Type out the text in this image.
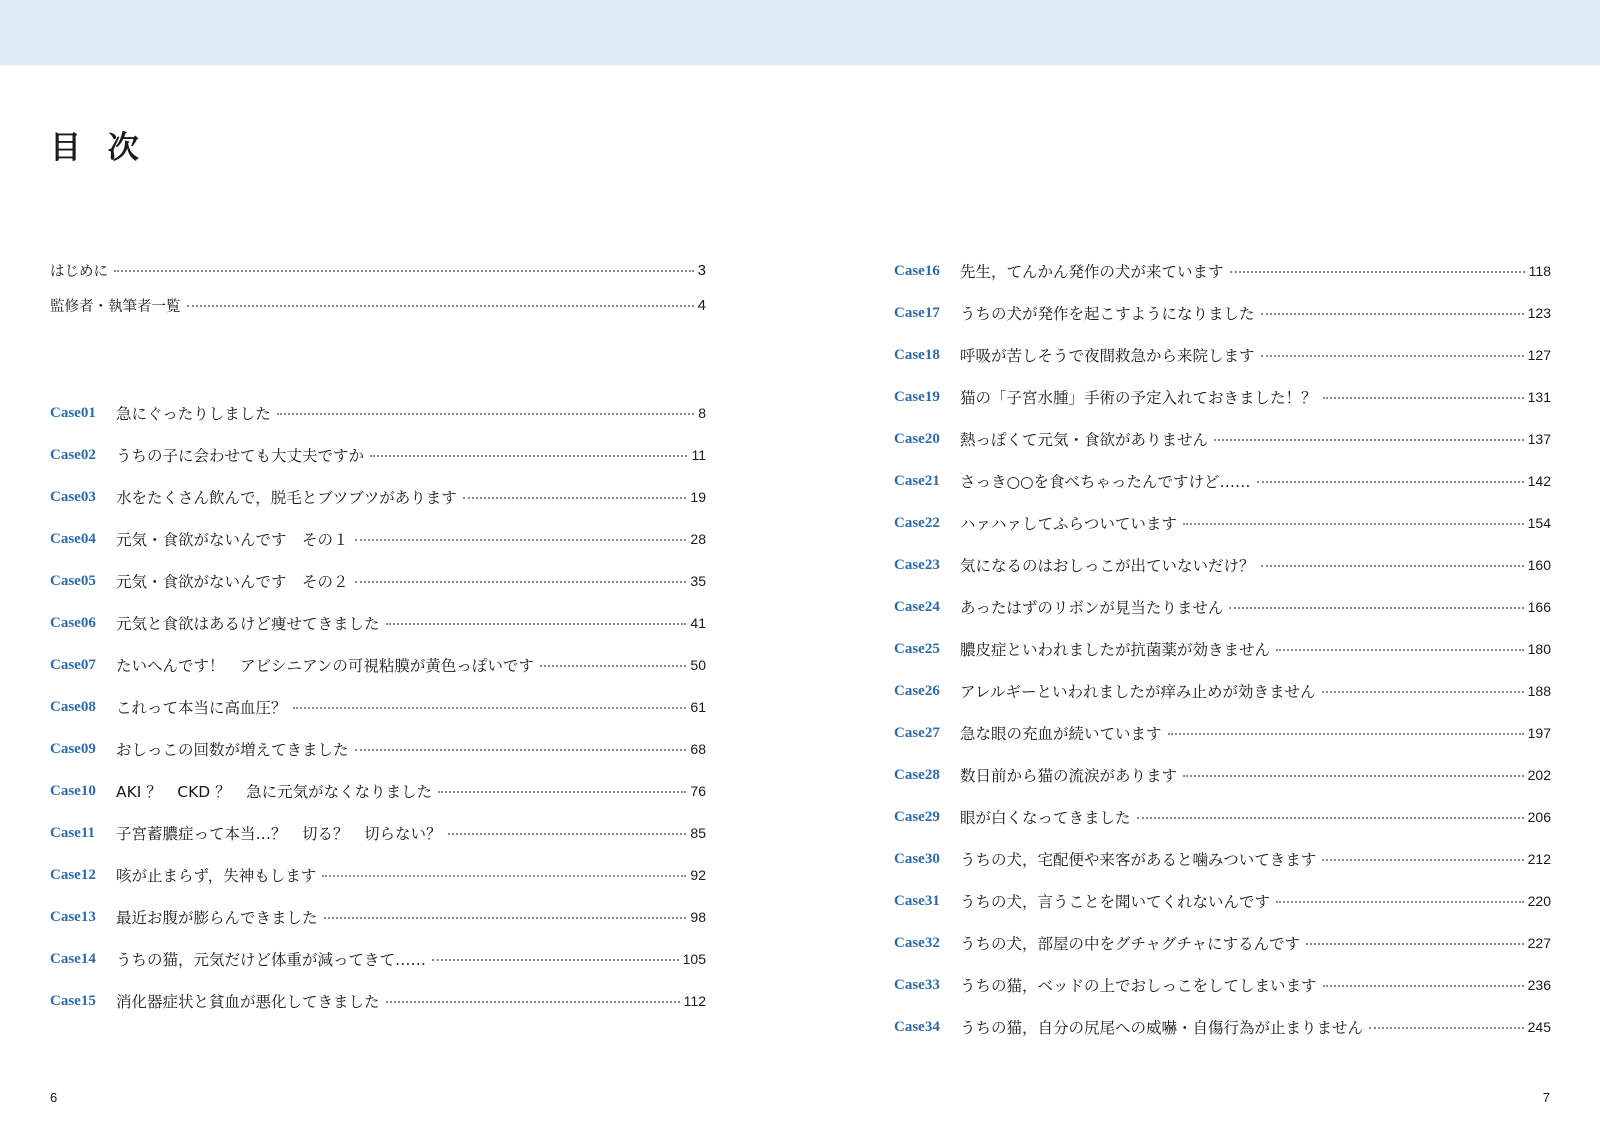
目 次
はじめに	3
監修者・執筆者一覧	4
Case01	急にぐったりしました	8
Case02	うちの子に会わせても大丈夫ですか	11
Case03	水をたくさん飲んで，脱毛とブツブツがあります	19
Case04	元気・食欲がないんです　その１	28
Case05	元気・食欲がないんです　その２	35
Case06	元気と食欲はあるけど痩せてきました	41
Case07	たいへんです！　アビシニアンの可視粘膜が黄色っぽいです	50
Case08	これって本当に高血圧？	61
Case09	おしっこの回数が増えてきました	68
Case10	AKI ？　CKD ？　急に元気がなくなりました	76
Case11	子宮蓄膿症って本当…？　切る？　切らない？	85
Case12	咳が止まらず，失神もします	92
Case13	最近お腹が膨らんできました	98
Case14	うちの猫，元気だけど体重が減ってきて……	105
Case15	消化器症状と貧血が悪化してきました	112
Case16	先生，てんかん発作の犬が来ています	118
Case17	うちの犬が発作を起こすようになりました	123
Case18	呼吸が苦しそうで夜間救急から来院します	127
Case19	猫の「子宮水腫」手術の予定入れておきました！？	131
Case20	熱っぽくて元気・食欲がありません	137
Case21	さっき○○を食べちゃったんですけど……	142
Case22	ハァハァしてふらついています	154
Case23	気になるのはおしっこが出ていないだけ？	160
Case24	あったはずのリボンが見当たりません	166
Case25	膿皮症といわれましたが抗菌薬が効きません	180
Case26	アレルギーといわれましたが痒み止めが効きません	188
Case27	急な眼の充血が続いています	197
Case28	数日前から猫の流涙があります	202
Case29	眼が白くなってきました	206
Case30	うちの犬，宅配便や来客があると噛みついてきます	212
Case31	うちの犬，言うことを聞いてくれないんです	220
Case32	うちの犬，部屋の中をグチャグチャにするんです	227
Case33	うちの猫，ベッドの上でおしっこをしてしまいます	236
Case34	うちの猫，自分の尻尾への威嚇・自傷行為が止まりません	245
6	7
